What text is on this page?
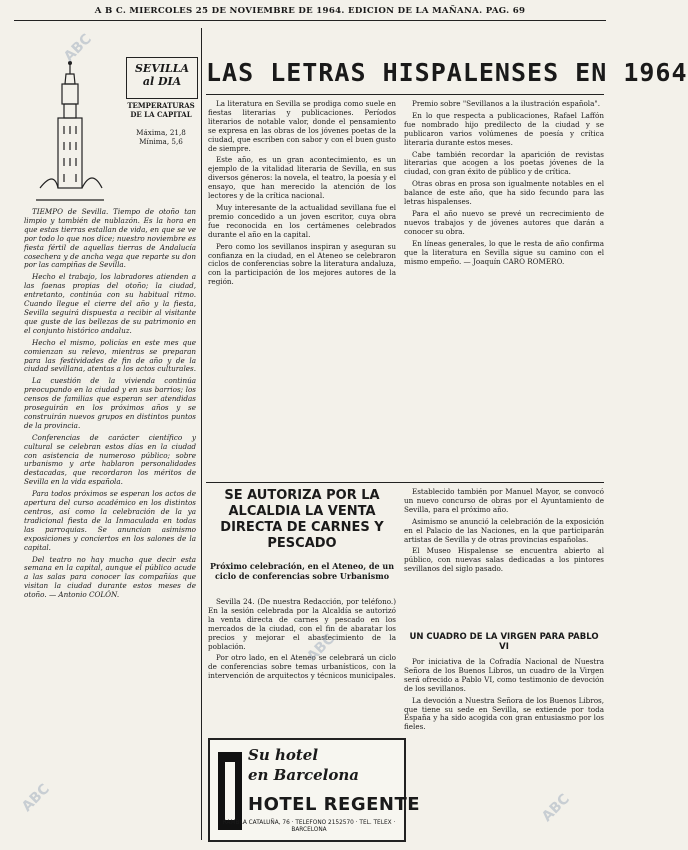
A B C. MIERCOLES 25 DE NOVIEMBRE DE 1964. EDICION DE LA MAÑANA. PAG. 69
SEVILLA
al DIA
TEMPERATURAS DE LA CAPITAL
Máxima, 21,8
Mínima, 5,6

TIEMPO de Sevilla. Tiempo de otoño tan limpio y también de nublazón. Es la hora en que estas tierras estallan de vida, en que se ve por todo lo que nos dice; nuestro noviembre es fiesta fértil de aquellas tierras de Andalucía cosechera y de ancha vega que reparte su don por las campiñas de Sevilla.

Hecho el trabajo, los labradores atienden a las faenas propias del otoño; la ciudad, entretanto, continúa con su habitual ritmo. Cuando llegue el cierre del año y la fiesta, Sevilla seguirá dispuesta a recibir al visitante que guste de las bellezas de su patrimonio en el conjunto histórico andaluz.

Hecho el mismo, policías en este mes que comienzan su relevo, mientras se preparan para las festividades de fin de año y de la ciudad sevillana, atentas a los actos culturales.

La cuestión de la vivienda continúa preocupando en la ciudad y en sus barrios; los censos de familias que esperan ser atendidas proseguirán en los próximos años y se construirán nuevos grupos en distintos puntos de la provincia.

Conferencias de carácter científico y cultural se celebran estos días en la ciudad con asistencia de numeroso público; sobre urbanismo y arte hablaron personalidades destacadas, que recordaron los méritos de Sevilla en la vida española.

Para todos próximos se esperan los actos de apertura del curso académico en los distintos centros, así como la celebración de la ya tradicional fiesta de la Inmaculada en todas las parroquias. Se anuncian asimismo exposiciones y conciertos en los salones de la capital.

Del teatro no hay mucho que decir esta semana en la capital, aunque el público acude a las salas para conocer las compañías que visitan la ciudad durante estos meses de otoño. — Antonio COLÓN.

LAS LETRAS HISPALENSES EN 1964

La literatura en Sevilla se prodiga como suele en fiestas literarias y publicaciones. Períodos literarios de notable valor, donde el pensamiento se expresa en las obras de los jóvenes poetas de la ciudad, que escriben con sabor y con el buen gusto de siempre.

Este año, es un gran acontecimiento, es un ejemplo de la vitalidad literaria de Sevilla, en sus diversos géneros: la novela, el teatro, la poesía y el ensayo, que han merecido la atención de los lectores y de la crítica nacional.

Muy interesante de la actualidad sevillana fue el premio concedido a un joven escritor, cuya obra fue reconocida en los certámenes celebrados durante el año en la capital.

Pero como los sevillanos inspiran y aseguran su confianza en la ciudad, en el Ateneo se celebraron ciclos de conferencias sobre la literatura andaluza, con la participación de los mejores autores de la región.

Premio sobre "Sevillanos a la ilustración española".

En lo que respecta a publicaciones, Rafael Laffón fue nombrado hijo predilecto de la ciudad y se publicaron varios volúmenes de poesía y crítica literaria durante estos meses.

Cabe también recordar la aparición de revistas literarias que acogen a los poetas jóvenes de la ciudad, con gran éxito de público y de crítica.

Otras obras en prosa son igualmente notables en el balance de este año, que ha sido fecundo para las letras hispalenses.

Para el año nuevo se prevé un recrecimiento de nuevos trabajos y de jóvenes autores que darán a conocer su obra.

En líneas generales, lo que le resta de año confirma que la literatura en Sevilla sigue su camino con el mismo empeño. — Joaquín CARO ROMERO.

SE AUTORIZA POR LA ALCALDIA LA VENTA DIRECTA DE CARNES Y PESCADO
Próximo celebración, en el Ateneo, de un ciclo de conferencias sobre Urbanismo

Sevilla 24. (De nuestra Redacción, por teléfono.) En la sesión celebrada por la Alcaldía se autorizó la venta directa de carnes y pescado en los mercados de la ciudad, con el fin de abaratar los precios y mejorar el abastecimiento de la población.

Por otro lado, en el Ateneo se celebrará un ciclo de conferencias sobre temas urbanísticos, con la intervención de arquitectos y técnicos municipales.

Su hotel
en Barcelona
HOTEL REGENTE
RAMBLA CATALUÑA, 76 · TELEFONO 2152570 · TEL. TELEX · BARCELONA

Establecido también por Manuel Mayor, se convocó un nuevo concurso de obras por el Ayuntamiento de Sevilla, para el próximo año.

Asimismo se anunció la celebración de la exposición en el Palacio de las Naciones, en la que participarán artistas de Sevilla y de otras provincias españolas.

El Museo Hispalense se encuentra abierto al público, con nuevas salas dedicadas a los pintores sevillanos del siglo pasado.

UN CUADRO DE LA VIRGEN PARA PABLO VI

Por iniciativa de la Cofradía Nacional de Nuestra Señora de los Buenos Libros, un cuadro de la Virgen será ofrecido a Pablo VI, como testimonio de devoción de los sevillanos.

La devoción a Nuestra Señora de los Buenos Libros, que tiene su sede en Sevilla, se extiende por toda España y ha sido acogida con gran entusiasmo por los fieles.

ABC
ABC
ABC
ABC
